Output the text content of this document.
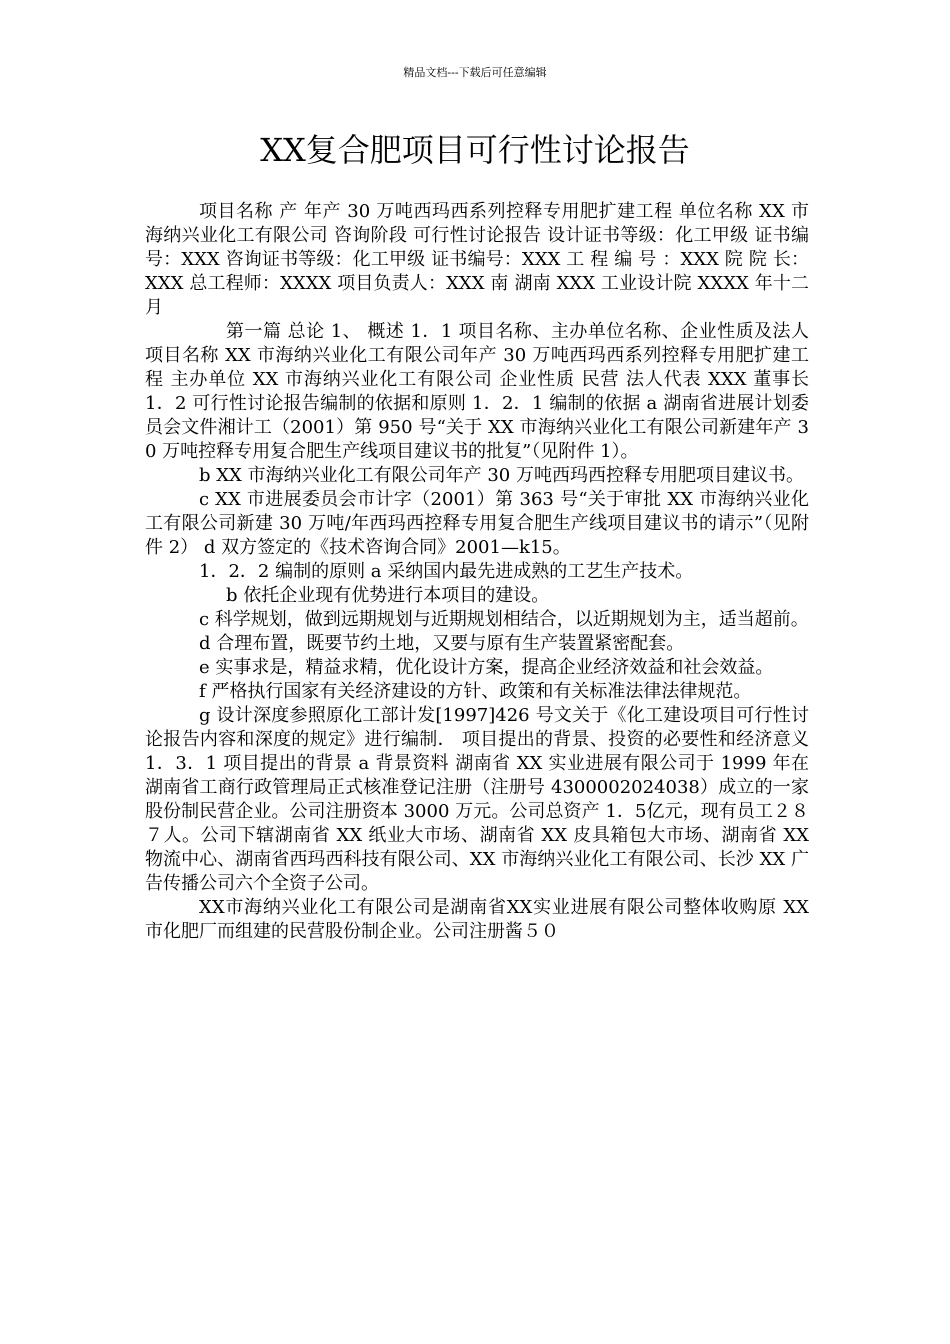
精品文档---下载后可任意编辑
XX复合肥项目可行性讨论报告

项目名称 产 年产 30 万吨西玛西系列控释专用肥扩建工程 单位名称 XX 市海纳兴业化工有限公司 咨询阶段 可行性讨论报告 设计证书等级：化工甲级 证书编号：XXX 咨询证书等级：化工甲级 证书编号：XXX 工 程 编 号 ：XXX 院 院 长：XXX 总工程师：XXXX 项目负责人：XXX 南 湖南 XXX 工业设计院 XXXX 年十二月

第一篇 总论 1、 概述 1．1 项目名称、主办单位名称、企业性质及法人 项目名称 XX 市海纳兴业化工有限公司年产 30 万吨西玛西系列控释专用肥扩建工程 主办单位 XX 市海纳兴业化工有限公司 企业性质 民营 法人代表 XXX 董事长 1．2 可行性讨论报告编制的依据和原则 1．2．1 编制的依据 a 湖南省进展计划委员会文件湘计工（2001）第 950 号“关于 XX 市海纳兴业化工有限公司新建年产 30 万吨控释专用复合肥生产线项目建议书的批复”（见附件 1）。

b XX 市海纳兴业化工有限公司年产 30 万吨西玛西控释专用肥项目建议书。

c XX 市进展委员会市计字（2001）第 363 号“关于审批 XX 市海纳兴业化工有限公司新建 30 万吨/年西玛西控释专用复合肥生产线项目建议书的请示”（见附件 2） d 双方签定的《技术咨询合同》2001—k15。

1．2．2 编制的原则 a 采纳国内最先进成熟的工艺生产技术。

b 依托企业现有优势进行本项目的建设。

c 科学规划，做到远期规划与近期规划相结合，以近期规划为主，适当超前。

d 合理布置，既要节约土地，又要与原有生产装置紧密配套。

e 实事求是，精益求精，优化设计方案，提高企业经济效益和社会效益。

f 严格执行国家有关经济建设的方针、政策和有关标准法律法律规范。

g 设计深度参照原化工部计发[1997]426 号文关于《化工建设项目可行性讨论报告内容和深度的规定》进行编制． 项目提出的背景、投资的必要性和经济意义 1．3．1 项目提出的背景 a 背景资料 湖南省 XX 实业进展有限公司于 1999 年在湖南省工商行政管理局正式核准登记注册（注册号 4300002024038）成立的一家股份制民营企业。公司注册资本 3000 万元。公司总资产 1．5亿元，现有员工２８７人。公司下辖湖南省 XX 纸业大市场、湖南省 XX 皮具箱包大市场、湖南省 XX 物流中心、湖南省西玛西科技有限公司、XX 市海纳兴业化工有限公司、长沙 XX 广告传播公司六个全资子公司。

XX市海纳兴业化工有限公司是湖南省XX实业进展有限公司整体收购原 XX 市化肥厂而组建的民营股份制企业。公司注册酱５０
